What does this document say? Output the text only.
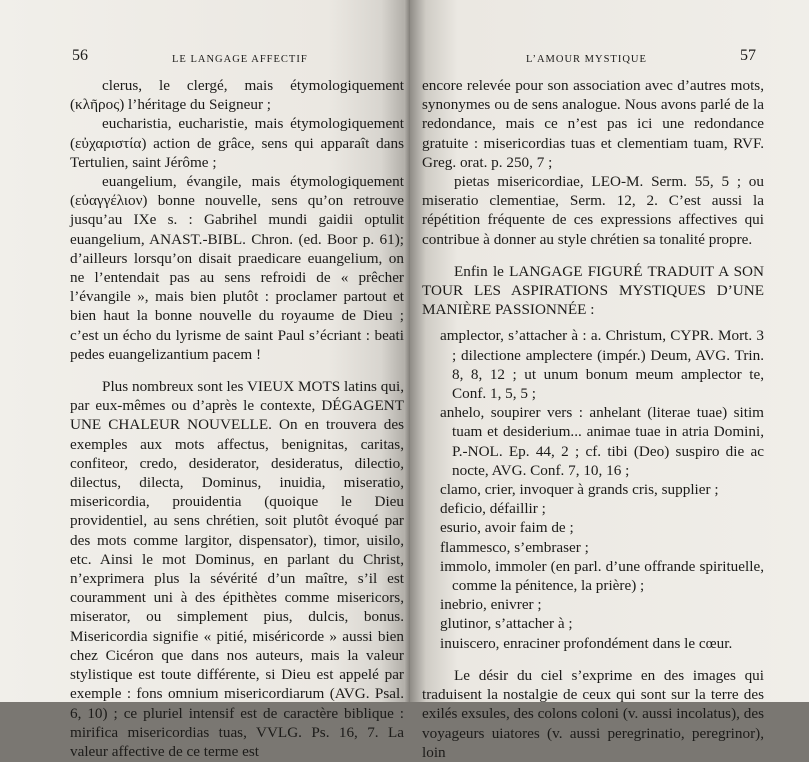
56	LE LANGAGE AFFECTIF

clerus, le clergé, mais étymologiquement (κλῆρος) l’héritage du Seigneur ;

eucharistia, eucharistie, mais étymologiquement (εὐχαριστία) action de grâce, sens qui apparaît dans Tertulien, saint Jérôme ;

euangelium, évangile, mais étymologiquement (εὐαγγέλιον) bonne nouvelle, sens qu’on retrouve jusqu’au IXe s. : Gabrihel mundi gaidii optulit euangelium, ANAST.-BIBL. Chron. (ed. Boor p. 61); d’ailleurs lorsqu’on disait praedicare euangelium, on ne l’entendait pas au sens refroidi de « prêcher l’évangile », mais bien plutôt : proclamer partout et bien haut la bonne nouvelle du royaume de Dieu ; c’est un écho du lyrisme de saint Paul s’écriant : beati pedes euangelizantium pacem !

Plus nombreux sont les VIEUX MOTS latins qui, par eux-mêmes ou d’après le contexte, DÉGAGENT UNE CHALEUR NOUVELLE. On en trouvera des exemples aux mots affectus, benignitas, caritas, confiteor, credo, desiderator, desideratus, dilectio, dilectus, dilecta, Dominus, inuidia, miseratio, misericordia, prouidentia (quoique le Dieu providentiel, au sens chrétien, soit plutôt évoqué par des mots comme largitor, dispensator), timor, uisilo, etc. Ainsi le mot Dominus, en parlant du Christ, n’exprimera plus la sévérité d’un maître, s’il est couramment uni à des épithètes comme misericors, miserator, ou simplement pius, dulcis, bonus. Misericordia signifie « pitié, miséricorde » aussi bien chez Cicéron que dans nos auteurs, mais la valeur stylistique est toute différente, si Dieu est appelé par exemple : fons omnium misericordiarum (AVG. Psal. 6, 10) ; ce pluriel intensif est de caractère biblique : mirifica misericordias tuas, VVLG. Ps. 16, 7. La valeur affective de ce terme est

L’AMOUR MYSTIQUE	57

encore relevée pour son association avec d’autres mots, synonymes ou de sens analogue. Nous avons parlé de la redondance, mais ce n’est pas ici une redondance gratuite : misericordias tuas et clementiam tuam, RVF. Greg. orat. p. 250, 7 ;

pietas misericordiae, LEO-M. Serm. 55, 5 ; ou miseratio clementiae, Serm. 12, 2. C’est aussi la répétition fréquente de ces expressions affectives qui contribue à donner au style chrétien sa tonalité propre.

Enfin le LANGAGE FIGURÉ TRADUIT A SON TOUR LES ASPIRATIONS MYSTIQUES D’UNE MANIÈRE PASSIONNÉE :

amplector, s’attacher à : a. Christum, CYPR. Mort. 3 ; dilectione amplectere (impér.) Deum, AVG. Trin. 8, 8, 12 ; ut unum bonum meum amplector te, Conf. 1, 5, 5 ;

anhelo, soupirer vers : anhelant (literae tuae) sitim tuam et desiderium... animae tuae in atria Domini, P.-NOL. Ep. 44, 2 ; cf. tibi (Deo) suspiro die ac nocte, AVG. Conf. 7, 10, 16 ;

clamo, crier, invoquer à grands cris, supplier ;

deficio, défaillir ;

esurio, avoir faim de ;

flammesco, s’embraser ;

immolo, immoler (en parl. d’une offrande spirituelle, comme la pénitence, la prière) ;

inebrio, enivrer ;

glutinor, s’attacher à ;

inuiscero, enraciner profondément dans le cœur.

Le désir du ciel s’exprime en des images qui traduisent la nostalgie de ceux qui sont sur la terre des exilés exsules, des colons coloni (v. aussi incolatus), des voyageurs uiatores (v. aussi peregrinatio, peregrinor), loin
